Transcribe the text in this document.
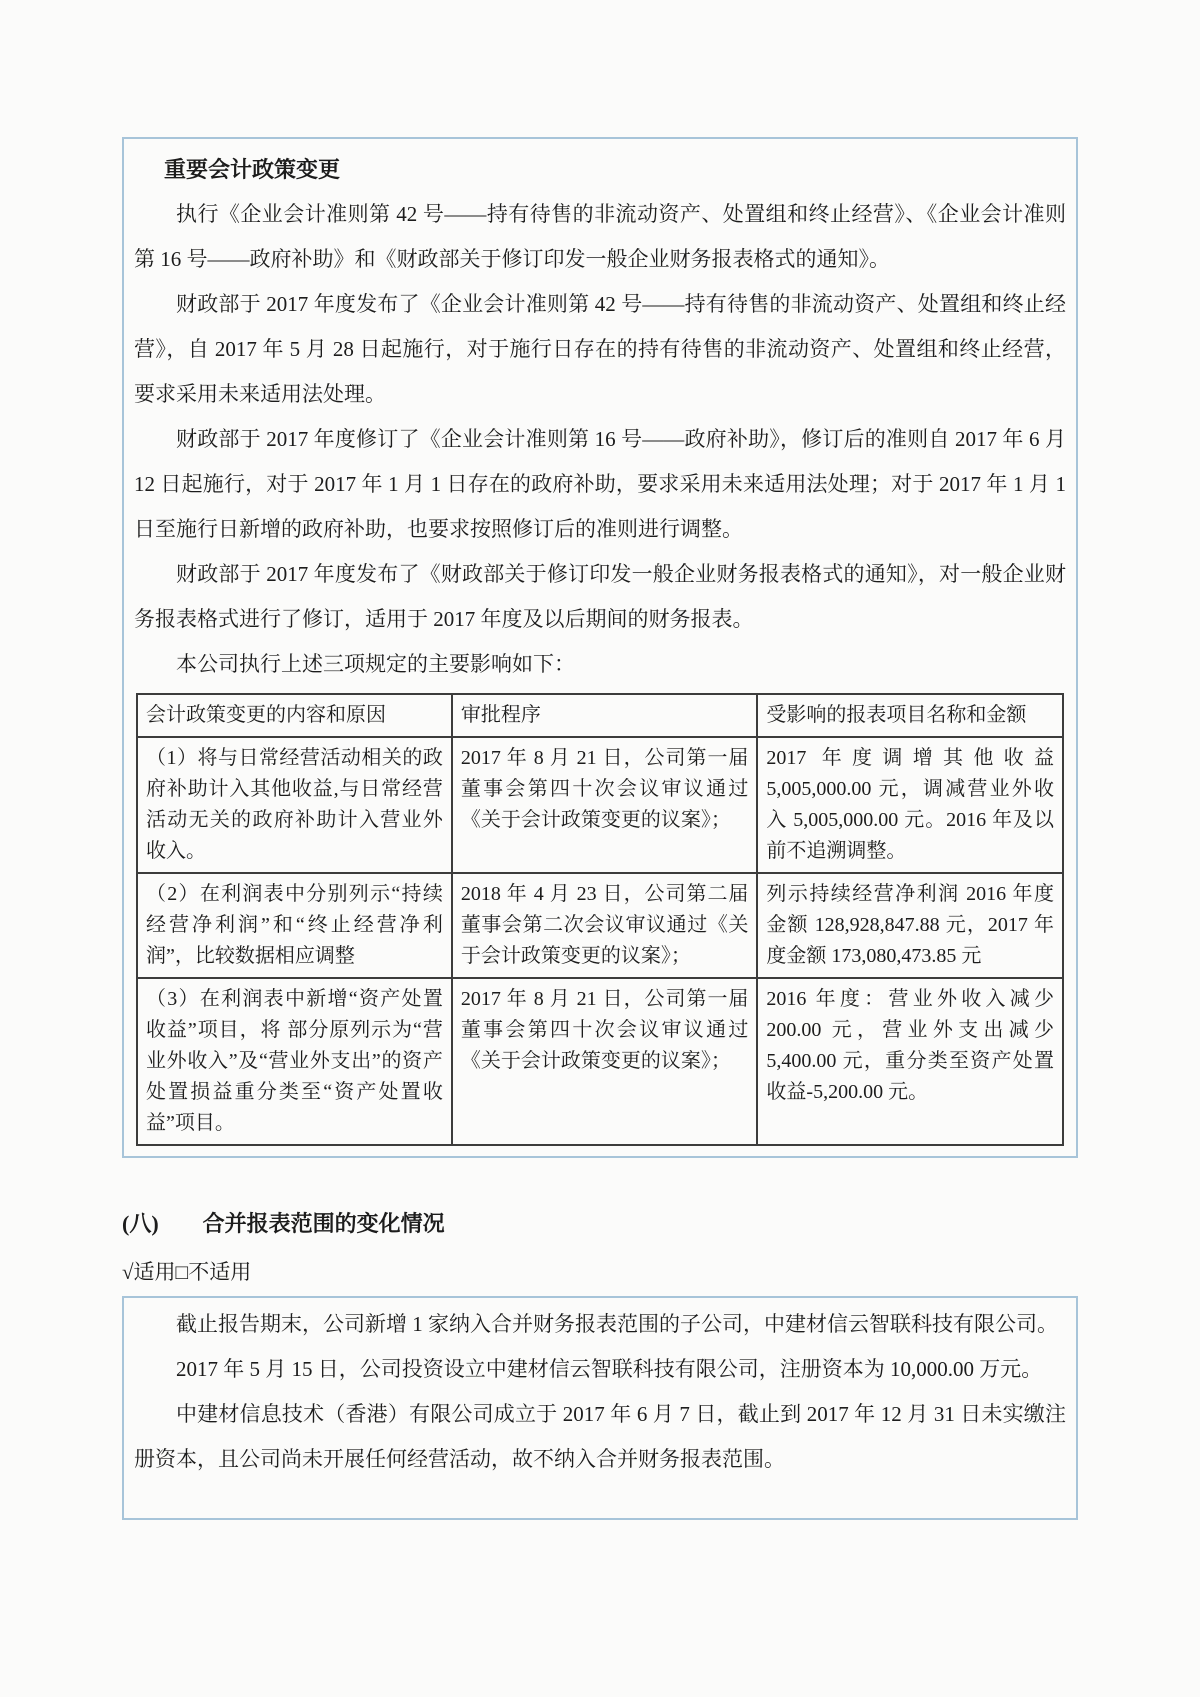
重要会计政策变更

执行《企业会计准则第 42 号——持有待售的非流动资产、处置组和终止经营》、《企业会计准则第 16 号——政府补助》和《财政部关于修订印发一般企业财务报表格式的通知》。

财政部于 2017 年度发布了《企业会计准则第 42 号——持有待售的非流动资产、处置组和终止经营》，自 2017 年 5 月 28 日起施行，对于施行日存在的持有待售的非流动资产、处置组和终止经营，要求采用未来适用法处理。

财政部于 2017 年度修订了《企业会计准则第 16 号——政府补助》，修订后的准则自 2017 年 6 月 12 日起施行，对于 2017 年 1 月 1 日存在的政府补助，要求采用未来适用法处理；对于 2017 年 1 月 1 日至施行日新增的政府补助，也要求按照修订后的准则进行调整。

财政部于 2017 年度发布了《财政部关于修订印发一般企业财务报表格式的通知》，对一般企业财务报表格式进行了修订，适用于 2017 年度及以后期间的财务报表。

本公司执行上述三项规定的主要影响如下：

会计政策变更的内容和原因	审批程序	受影响的报表项目名称和金额
（1）将与日常经营活动相关的政府补助计入其他收益,与日常经营活动无关的政府补助计入营业外收入。	2017 年 8 月 21 日，公司第一届董事会第四十次会议审议通过《关于会计政策变更的议案》；	2017 年度调增其他收益 5,005,000.00 元，调减营业外收入 5,005,000.00 元。2016 年及以前不追溯调整。
（2）在利润表中分别列示“持续经营净利润”和“终止经营净利润”，比较数据相应调整	2018 年 4 月 23 日，公司第二届董事会第二次会议审议通过《关于会计政策变更的议案》；	列示持续经营净利润 2016 年度金额 128,928,847.88 元，2017 年度金额 173,080,473.85 元
（3）在利润表中新增“资产处置收益”项目，将 部分原列示为“营业外收入”及“营业外支出”的资产处置损益重分类至“资产处置收益”项目。	2017 年 8 月 21 日，公司第一届董事会第四十次会议审议通过《关于会计政策变更的议案》；	2016 年度：营业外收入减少 200.00 元，营业外支出减少 5,400.00 元，重分类至资产处置收益-5,200.00 元。
(八) 合并报表范围的变化情况
√适用□不适用

截止报告期末，公司新增 1 家纳入合并财务报表范围的子公司，中建材信云智联科技有限公司。

2017 年 5 月 15 日，公司投资设立中建材信云智联科技有限公司，注册资本为 10,000.00 万元。

中建材信息技术（香港）有限公司成立于 2017 年 6 月 7 日，截止到 2017 年 12 月 31 日未实缴注册资本，且公司尚未开展任何经营活动，故不纳入合并财务报表范围。
